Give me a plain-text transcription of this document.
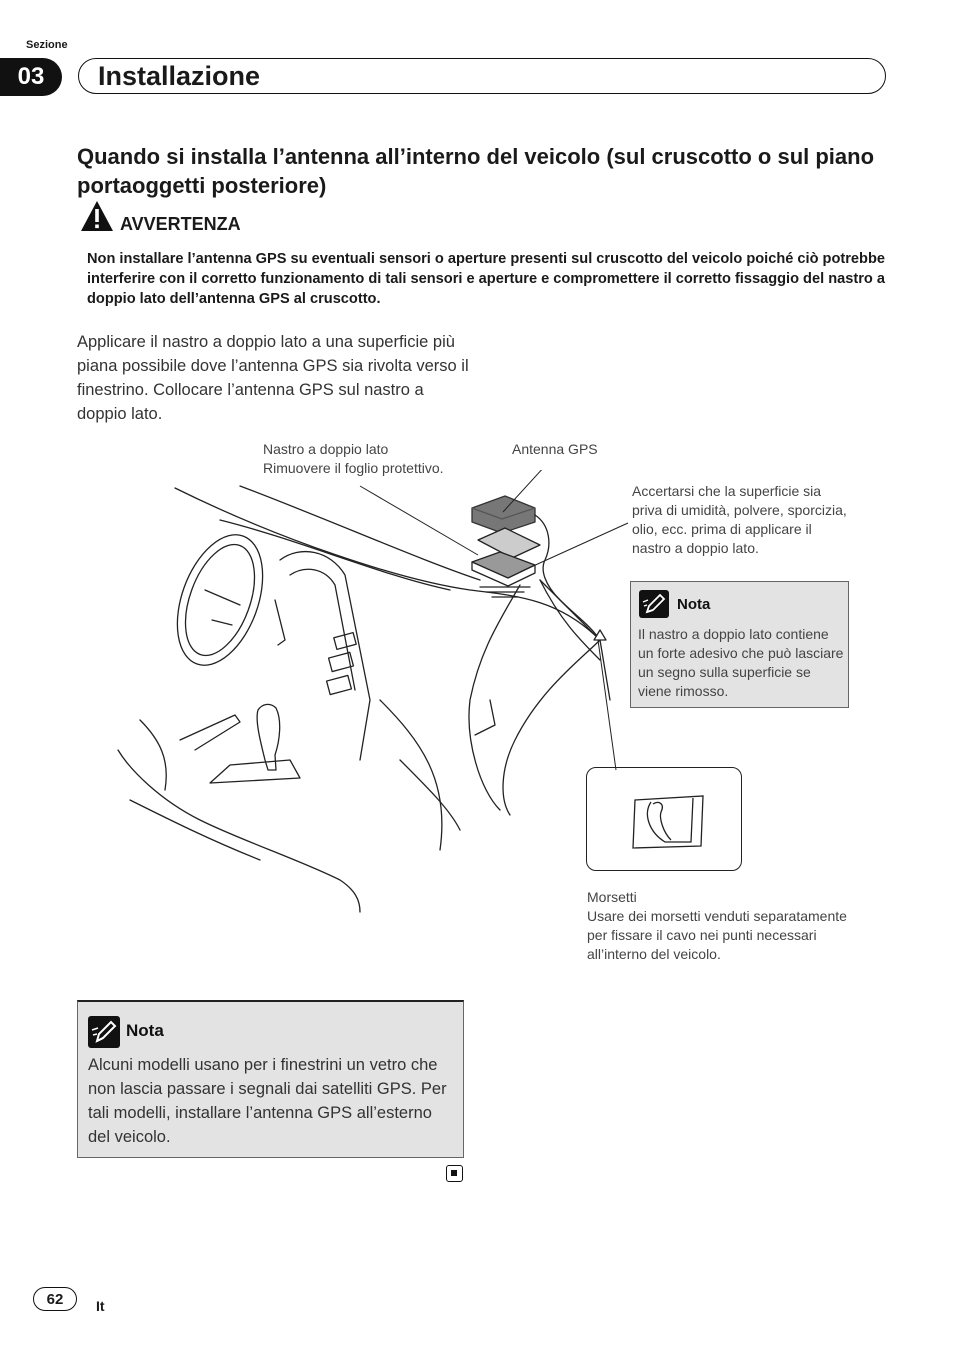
Sezione
03	Installazione
Quando si installa l’antenna all’interno del veicolo (sul cruscotto o sul piano portaoggetti posteriore)
AVVERTENZA
Non installare l’antenna GPS su eventuali sensori o aperture presenti sul cruscotto del veicolo poiché ciò potrebbe interferire con il corretto funzionamento di tali sensori e aperture e compromettere il corretto fissaggio del nastro a doppio lato dell’antenna GPS al cruscotto.
Applicare il nastro a doppio lato a una superficie più piana possibile dove l’antenna GPS sia rivolta verso il finestrino. Collocare l’antenna GPS sul nastro a doppio lato.
Nastro a doppio lato
Rimuovere il foglio protettivo.
Antenna GPS
Accertarsi che la superficie sia priva di umidità, polvere, sporcizia, olio, ecc. prima di applicare il nastro a doppio lato.
Nota
Il nastro a doppio lato contiene un forte adesivo che può lasciare un segno sulla superficie se viene rimosso.
Morsetti
Usare dei morsetti venduti separatamente per fissare il cavo nei punti necessari all’interno del veicolo.
Nota
Alcuni modelli usano per i finestrini un vetro che non lascia passare i segnali dai satelliti GPS. Per tali modelli, installare l’antenna GPS all’esterno del veicolo.
62	It
